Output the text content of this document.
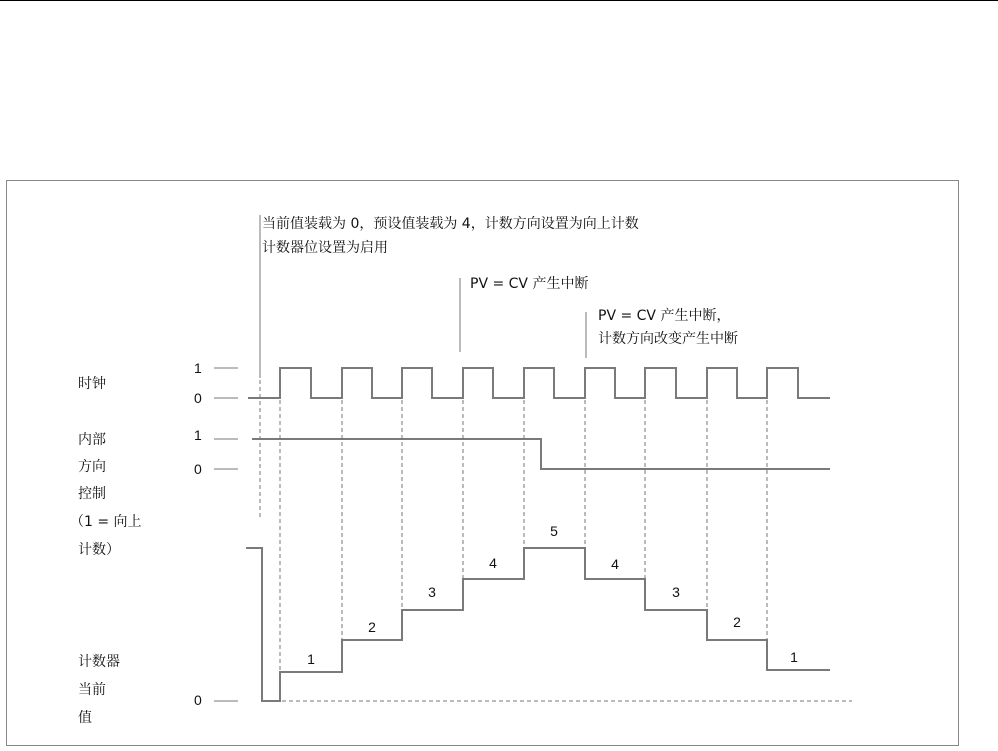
当前值装载为 0，预设值装载为 4，计数方向设置为向上计数
计数器位设置为启用
PV = CV 产生中断
PV = CV 产生中断，
计数方向改变产生中断
时钟
内部
方向
控制
（1 = 向上
计数）
计数器
当前
值
1
0
1
0
0
1
2
3
4
5
4
3
2
1
